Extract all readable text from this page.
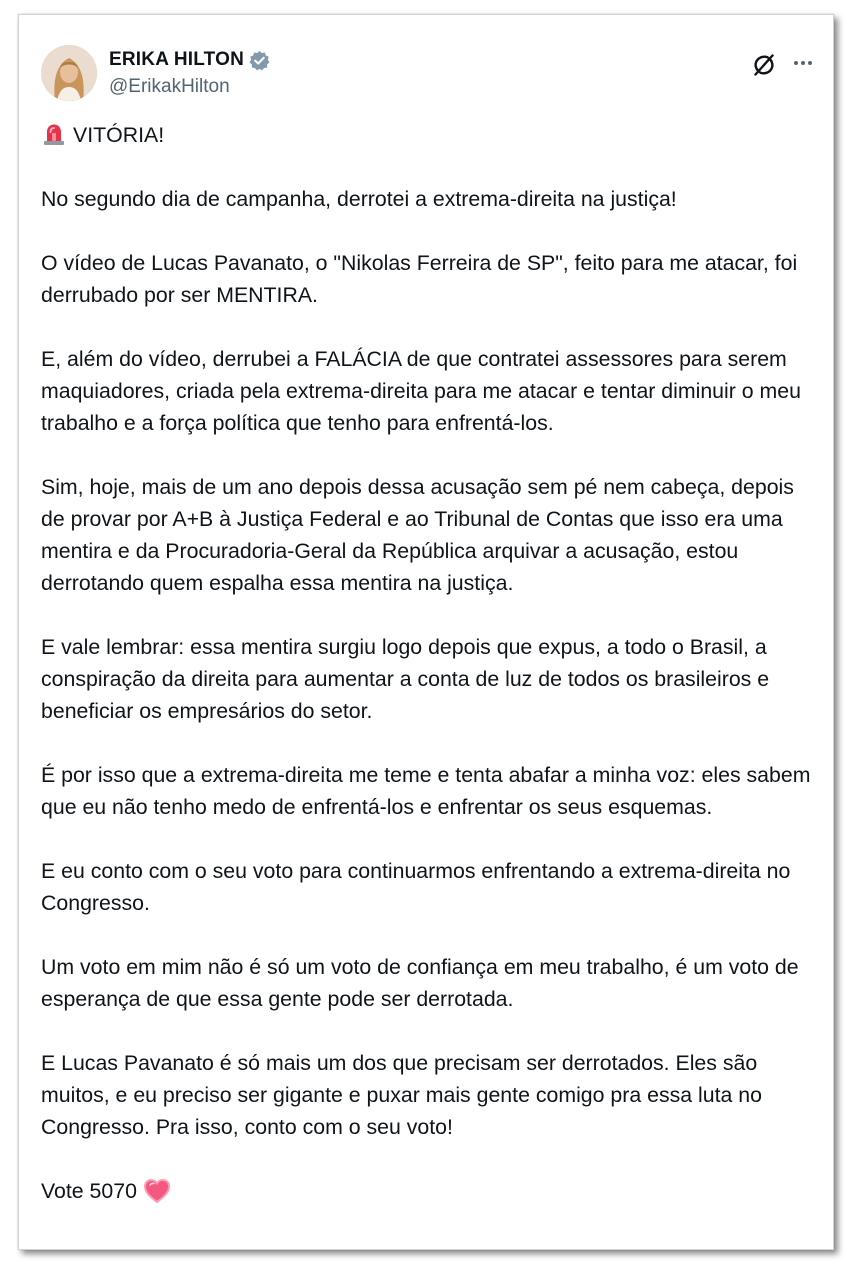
ERIKA HILTON
@ErikakHilton

VITÓRIA!

No segundo dia de campanha, derrotei a extrema-direita na justiça!

O vídeo de Lucas Pavanato, o "Nikolas Ferreira de SP", feito para me atacar, foi derrubado por ser MENTIRA.

E, além do vídeo, derrubei a FALÁCIA de que contratei assessores para serem maquiadores, criada pela extrema-direita para me atacar e tentar diminuir o meu trabalho e a força política que tenho para enfrentá-los.

Sim, hoje, mais de um ano depois dessa acusação sem pé nem cabeça, depois de provar por A+B à Justiça Federal e ao Tribunal de Contas que isso era uma mentira e da Procuradoria-Geral da República arquivar a acusação, estou derrotando quem espalha essa mentira na justiça.

E vale lembrar: essa mentira surgiu logo depois que expus, a todo o Brasil, a conspiração da direita para aumentar a conta de luz de todos os brasileiros e beneficiar os empresários do setor.

É por isso que a extrema-direita me teme e tenta abafar a minha voz: eles sabem que eu não tenho medo de enfrentá-los e enfrentar os seus esquemas.

E eu conto com o seu voto para continuarmos enfrentando a extrema-direita no Congresso.

Um voto em mim não é só um voto de confiança em meu trabalho, é um voto de esperança de que essa gente pode ser derrotada.

E Lucas Pavanato é só mais um dos que precisam ser derrotados. Eles são muitos, e eu preciso ser gigante e puxar mais gente comigo pra essa luta no Congresso. Pra isso, conto com o seu voto!

Vote 5070
